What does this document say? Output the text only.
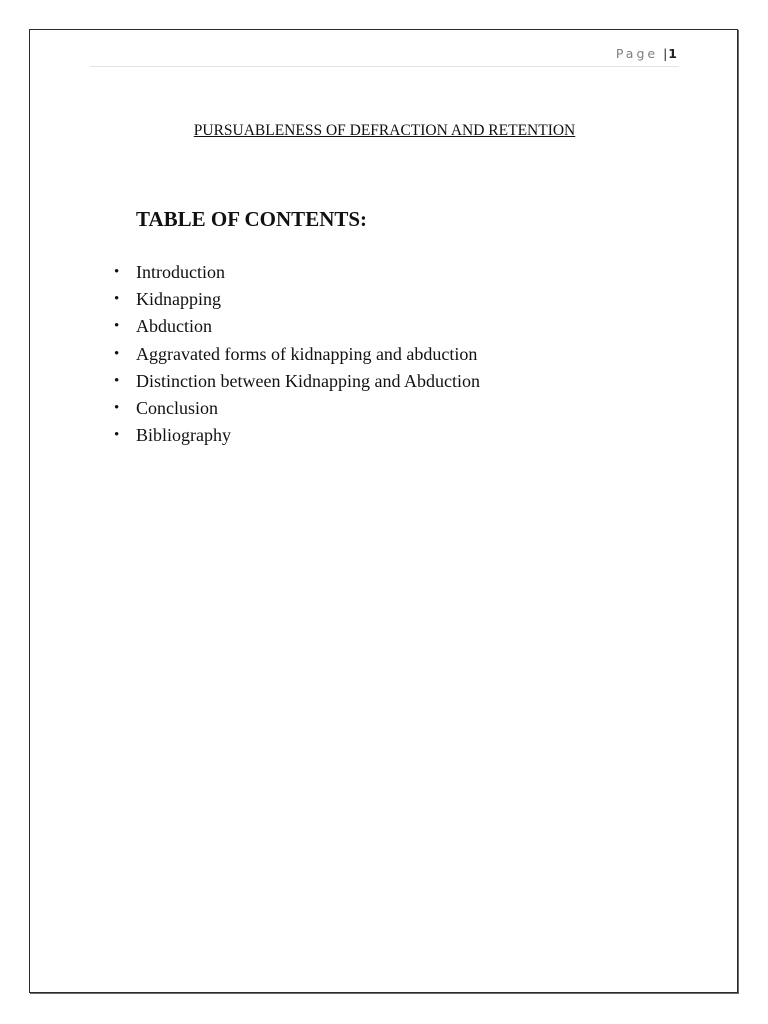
Page |1
PURSUABLENESS OF DEFRACTION AND RETENTION
TABLE OF CONTENTS:
• Introduction
• Kidnapping
• Abduction
• Aggravated forms of kidnapping and abduction
• Distinction between Kidnapping and Abduction
• Conclusion
• Bibliography
